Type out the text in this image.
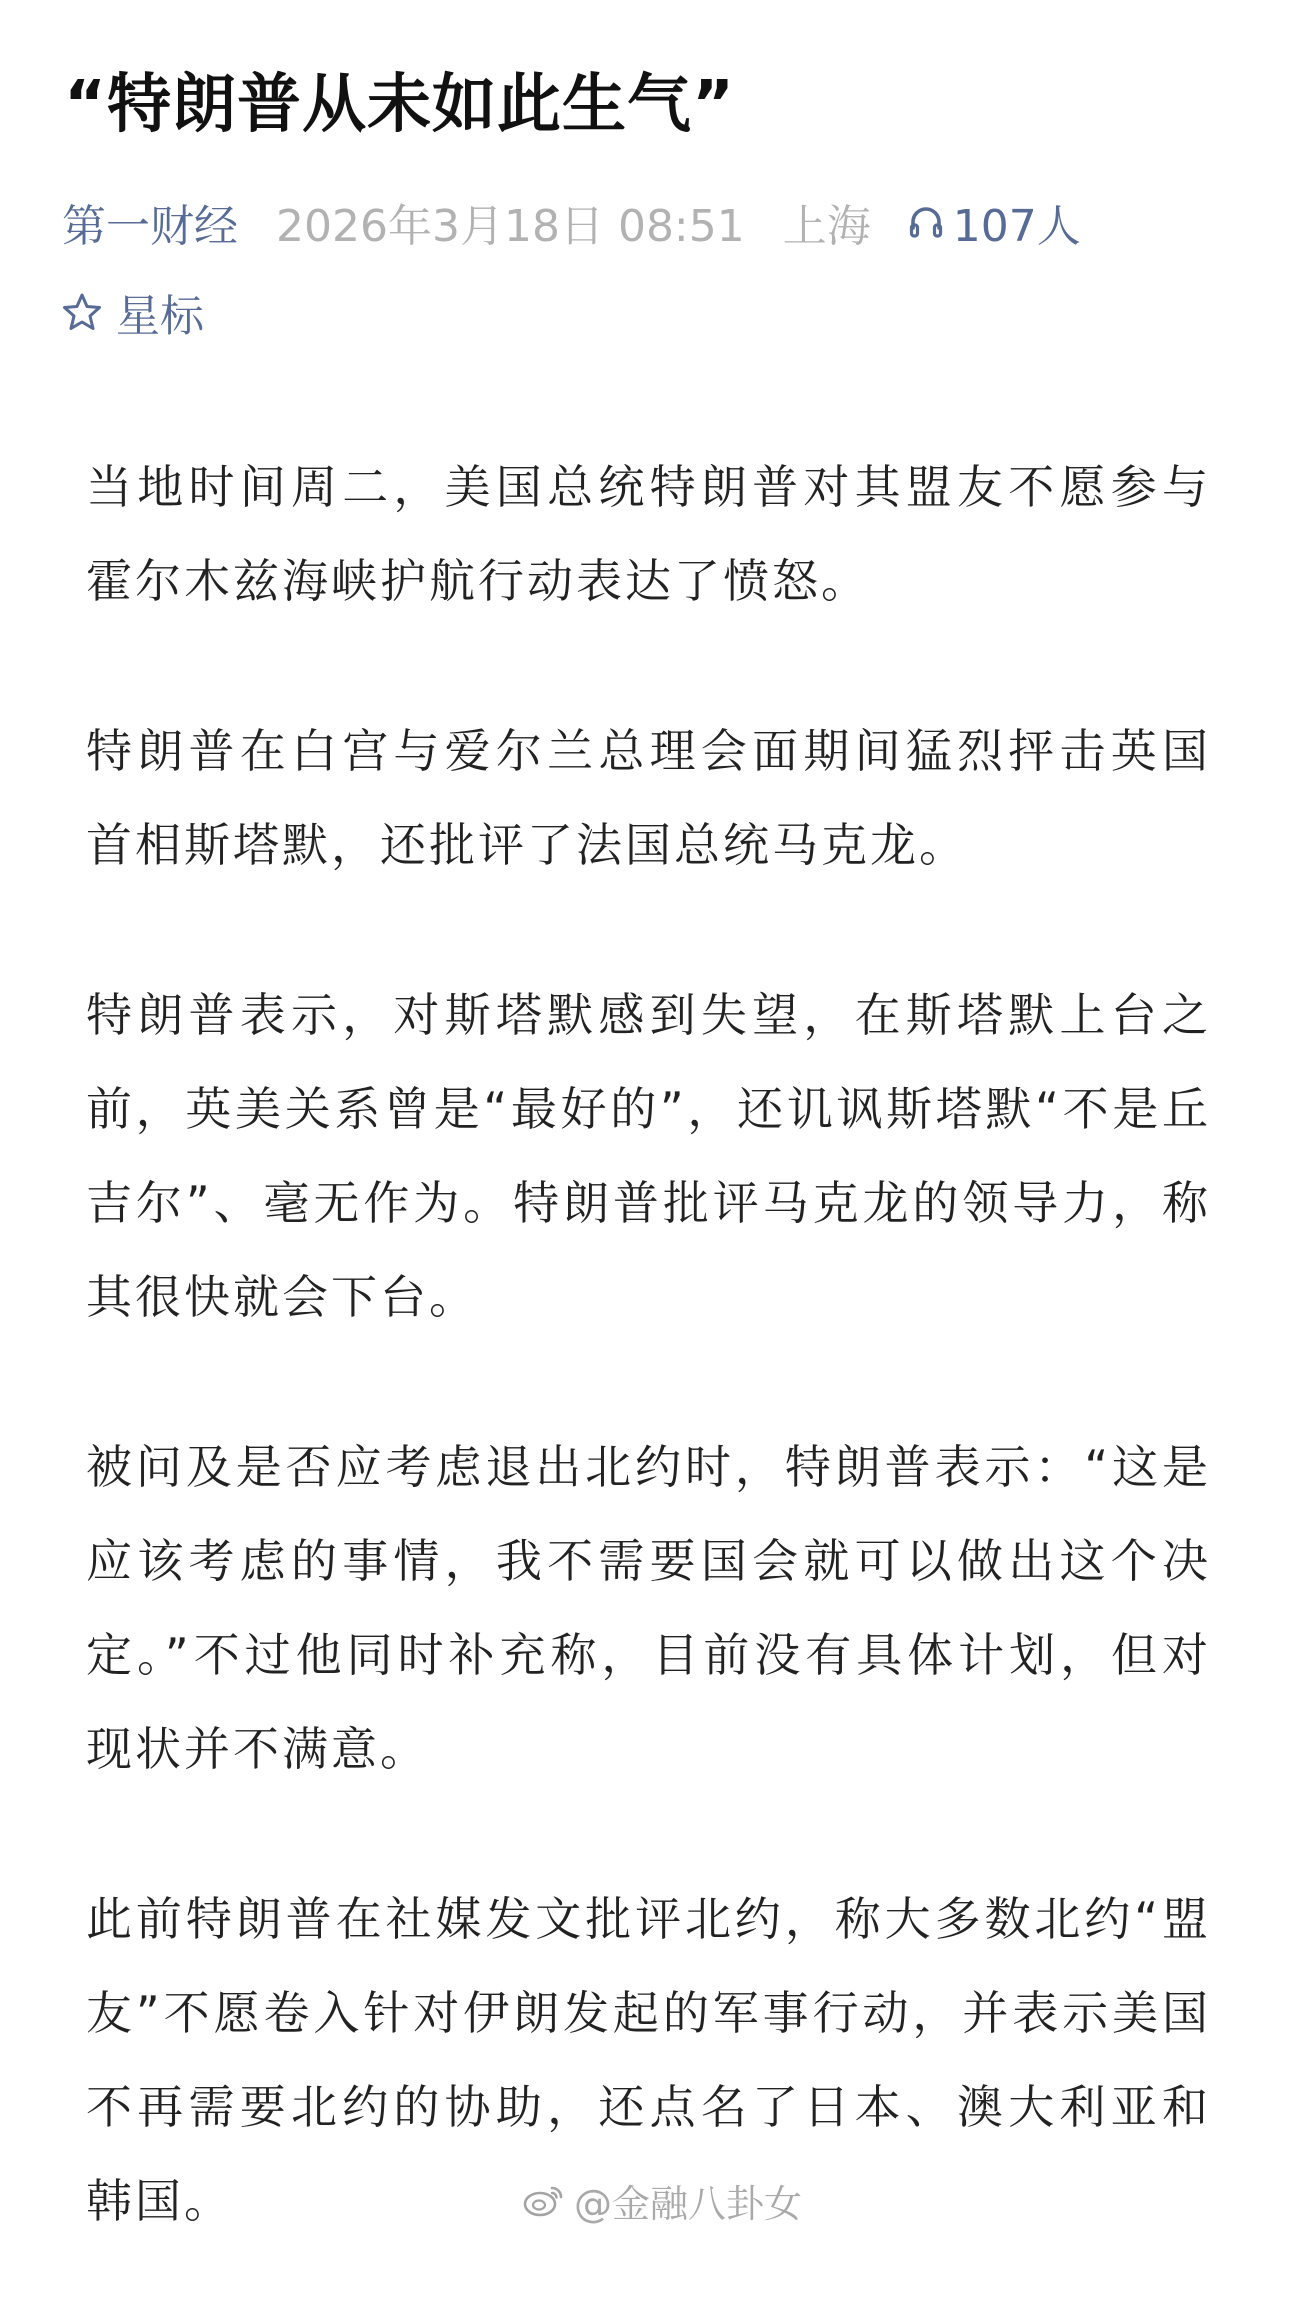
“特朗普从未如此生气”
第一财经 2026年3月18日 08:51 上海 107人
星标

当地时间周二，美国总统特朗普对其盟友不愿参与霍尔木兹海峡护航行动表达了愤怒。

特朗普在白宫与爱尔兰总理会面期间猛烈抨击英国首相斯塔默，还批评了法国总统马克龙。

特朗普表示，对斯塔默感到失望，在斯塔默上台之前，英美关系曾是“最好的”，还讥讽斯塔默“不是丘吉尔”、毫无作为。特朗普批评马克龙的领导力，称其很快就会下台。

被问及是否应考虑退出北约时，特朗普表示：“这是应该考虑的事情，我不需要国会就可以做出这个决定。”不过他同时补充称，目前没有具体计划，但对现状并不满意。

此前特朗普在社媒发文批评北约，称大多数北约“盟友”不愿卷入针对伊朗发起的军事行动，并表示美国不再需要北约的协助，还点名了日本、澳大利亚和韩国。	@金融八卦女
